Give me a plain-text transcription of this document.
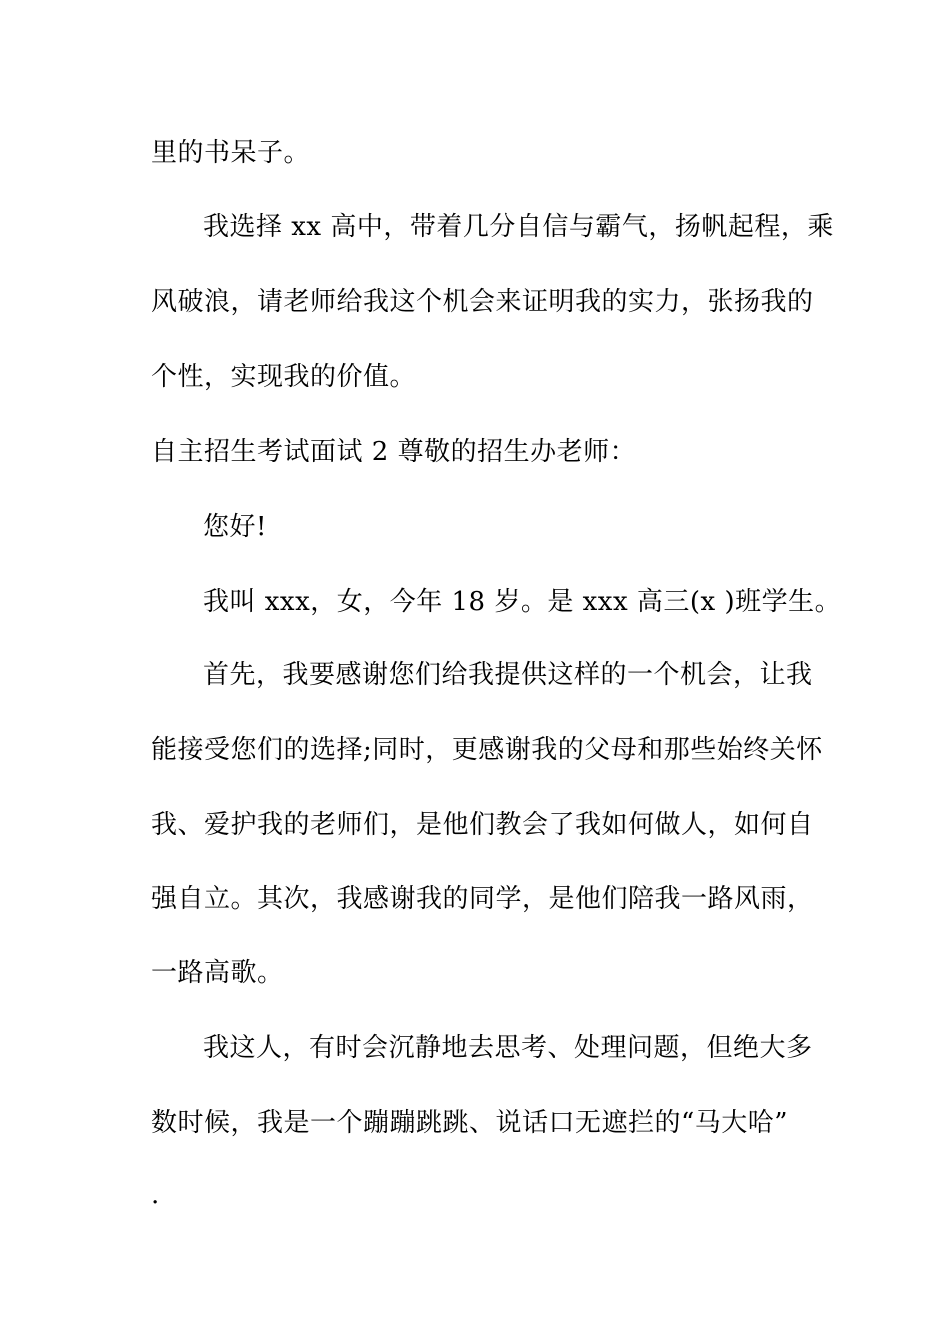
里的书呆子。
我选择 xx 高中，带着几分自信与霸气，扬帆起程，乘
风破浪，请老师给我这个机会来证明我的实力，张扬我的
个性，实现我的价值。
自主招生考试面试 2 尊敬的招生办老师：
您好!
我叫 xxx，女，今年 18 岁。是 xxx 高三(x )班学生。
首先，我要感谢您们给我提供这样的一个机会，让我
能接受您们的选择;同时，更感谢我的父母和那些始终关怀
我、爱护我的老师们，是他们教会了我如何做人，如何自
强自立。其次，我感谢我的同学，是他们陪我一路风雨，
一路高歌。
我这人，有时会沉静地去思考、处理问题，但绝大多
数时候，我是一个蹦蹦跳跳、说话口无遮拦的“马大哈”
.
